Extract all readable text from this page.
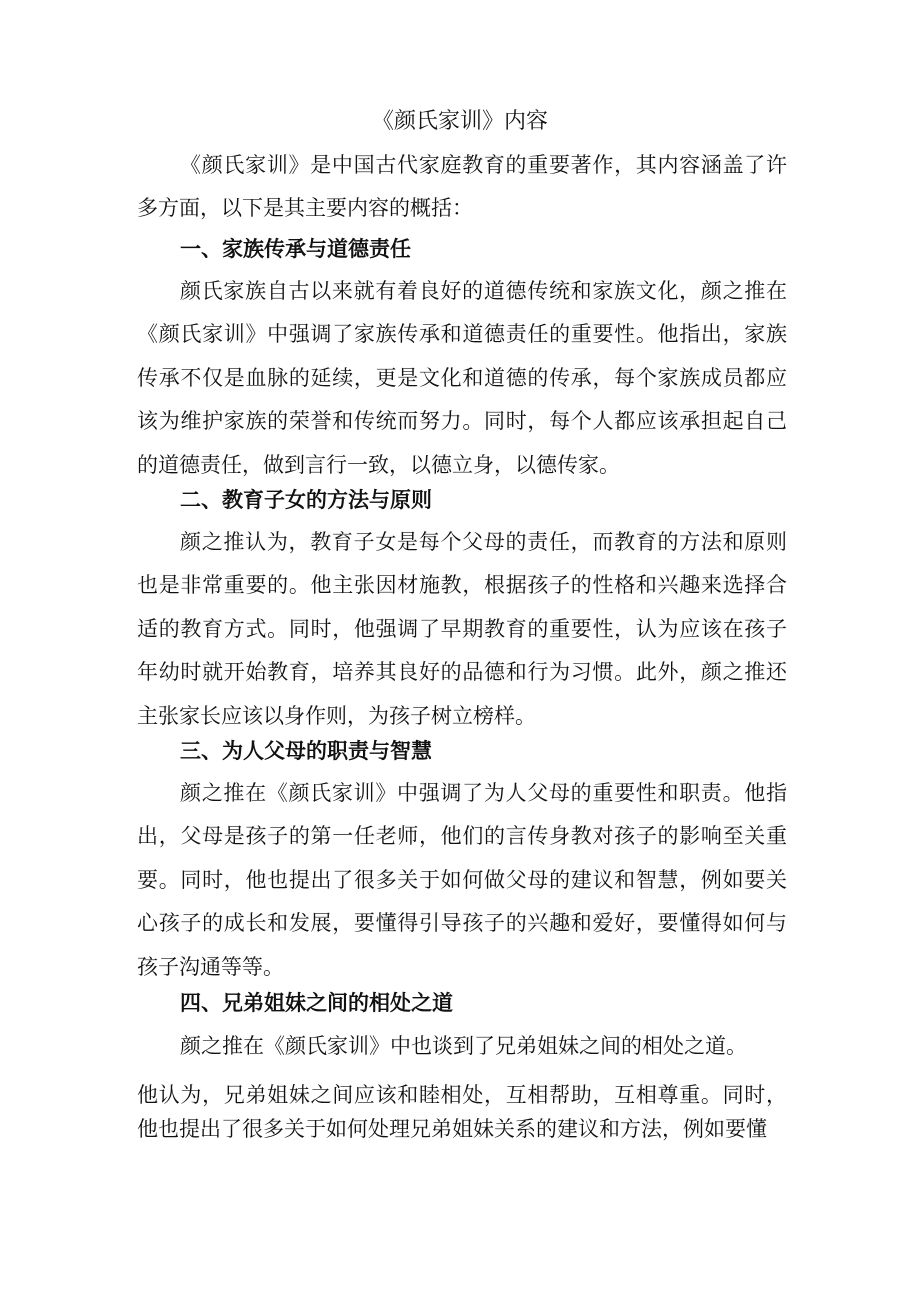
《颜氏家训》内容

《颜氏家训》是中国古代家庭教育的重要著作，其内容涵盖了许多方面，以下是其主要内容的概括：

一、家族传承与道德责任

颜氏家族自古以来就有着良好的道德传统和家族文化，颜之推在《颜氏家训》中强调了家族传承和道德责任的重要性。他指出，家族传承不仅是血脉的延续，更是文化和道德的传承，每个家族成员都应该为维护家族的荣誉和传统而努力。同时，每个人都应该承担起自己的道德责任，做到言行一致，以德立身，以德传家。

二、教育子女的方法与原则

颜之推认为，教育子女是每个父母的责任，而教育的方法和原则也是非常重要的。他主张因材施教，根据孩子的性格和兴趣来选择合适的教育方式。同时，他强调了早期教育的重要性，认为应该在孩子年幼时就开始教育，培养其良好的品德和行为习惯。此外，颜之推还主张家长应该以身作则，为孩子树立榜样。

三、为人父母的职责与智慧

颜之推在《颜氏家训》中强调了为人父母的重要性和职责。他指出，父母是孩子的第一任老师，他们的言传身教对孩子的影响至关重要。同时，他也提出了很多关于如何做父母的建议和智慧，例如要关心孩子的成长和发展，要懂得引导孩子的兴趣和爱好，要懂得如何与孩子沟通等等。

四、兄弟姐妹之间的相处之道

颜之推在《颜氏家训》中也谈到了兄弟姐妹之间的相处之道。

他认为，兄弟姐妹之间应该和睦相处，互相帮助，互相尊重。同时，他也提出了很多关于如何处理兄弟姐妹关系的建议和方法，例如要懂
